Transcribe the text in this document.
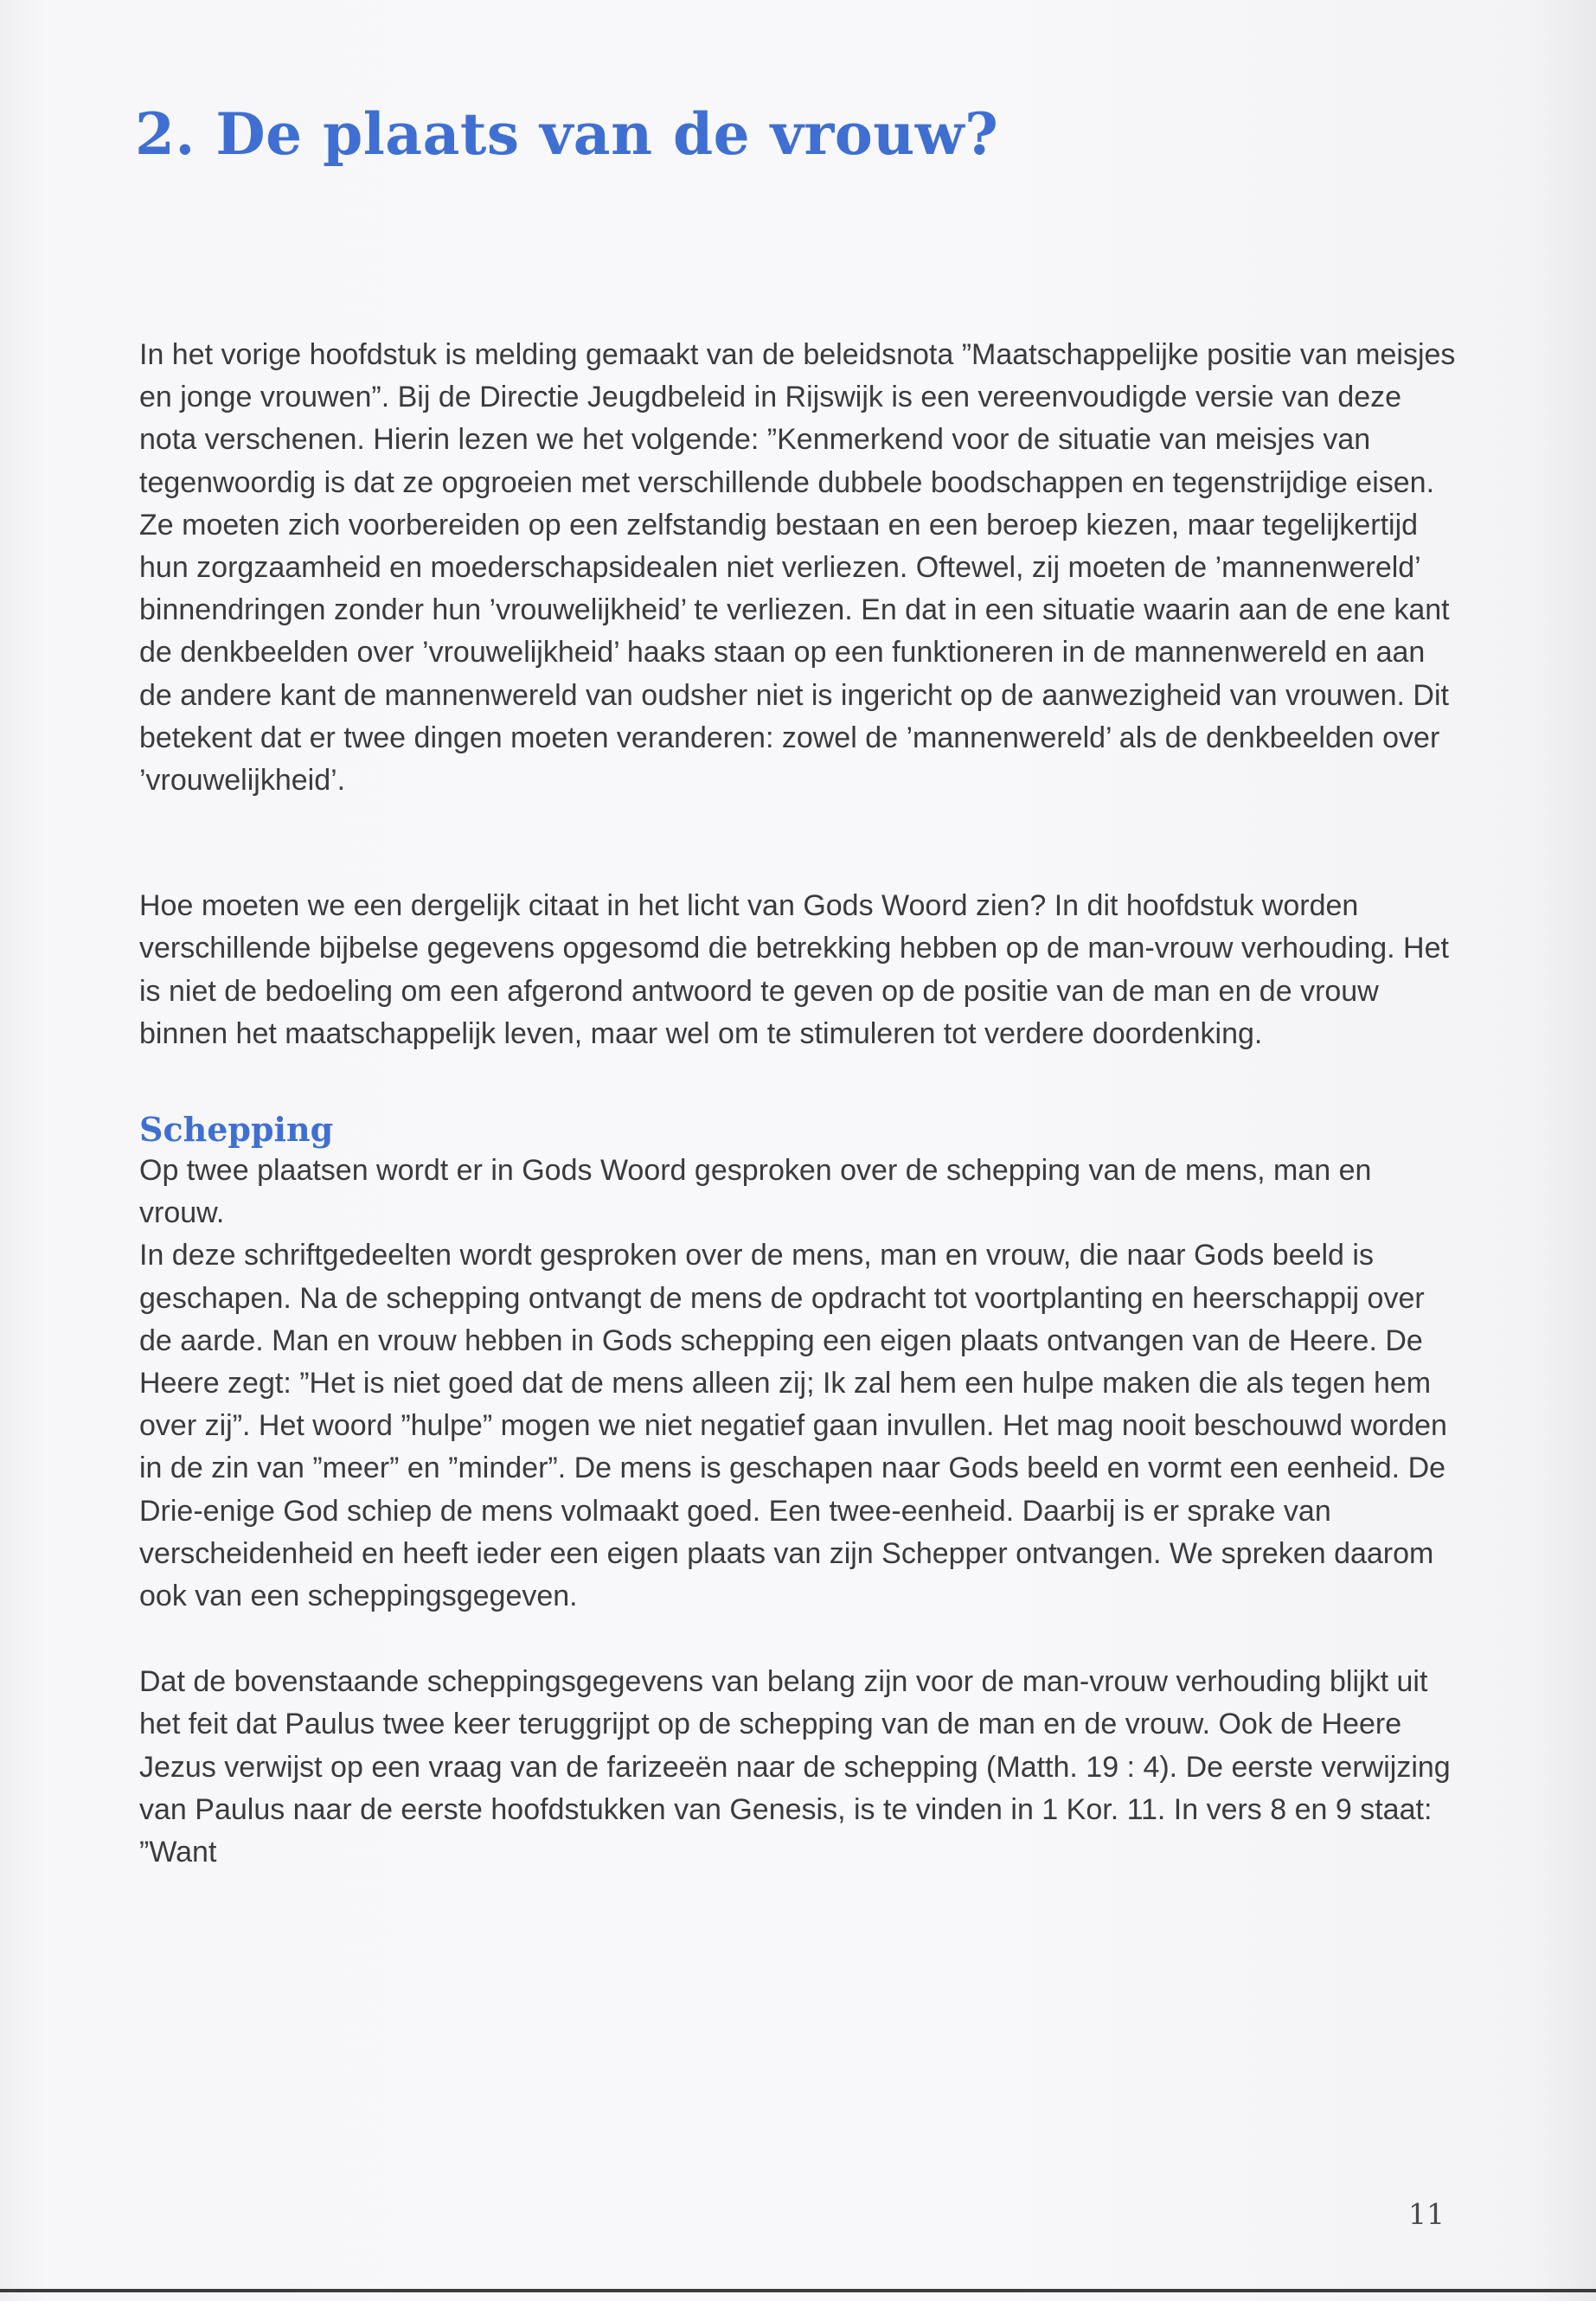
2. De plaats van de vrouw?

In het vorige hoofdstuk is melding gemaakt van de beleidsnota ”Maatschappelijke positie van meisjes en jonge vrouwen”. Bij de Directie Jeugdbeleid in Rijswijk is een vereenvoudigde versie van deze nota verschenen. Hierin lezen we het volgende: ”Kenmerkend voor de situatie van meisjes van tegenwoordig is dat ze opgroeien met verschillende dubbele boodschappen en tegenstrijdige eisen. Ze moeten zich voorbereiden op een zelfstandig bestaan en een beroep kiezen, maar tegelijkertijd hun zorgzaamheid en moederschapsidealen niet verliezen. Oftewel, zij moeten de ’mannenwereld’ binnendringen zonder hun ’vrouwelijkheid’ te verliezen. En dat in een situatie waarin aan de ene kant de denkbeelden over ’vrouwelijkheid’ haaks staan op een funktioneren in de mannenwereld en aan de andere kant de mannenwereld van oudsher niet is ingericht op de aanwezigheid van vrouwen. Dit betekent dat er twee dingen moeten veranderen: zowel de ’mannenwereld’ als de denkbeelden over ’vrouwelijkheid’.

Hoe moeten we een dergelijk citaat in het licht van Gods Woord zien? In dit hoofdstuk worden verschillende bijbelse gegevens opgesomd die betrekking hebben op de man-vrouw verhouding. Het is niet de bedoeling om een afgerond antwoord te geven op de positie van de man en de vrouw binnen het maatschappelijk leven, maar wel om te stimuleren tot verdere doordenking.

Schepping

Op twee plaatsen wordt er in Gods Woord gesproken over de schepping van de mens, man en vrouw.

In deze schriftgedeelten wordt gesproken over de mens, man en vrouw, die naar Gods beeld is geschapen. Na de schepping ontvangt de mens de opdracht tot voortplanting en heerschappij over de aarde. Man en vrouw hebben in Gods schepping een eigen plaats ontvangen van de Heere. De Heere zegt: ”Het is niet goed dat de mens alleen zij; Ik zal hem een hulpe maken die als tegen hem over zij”. Het woord ”hulpe” mogen we niet negatief gaan invullen. Het mag nooit beschouwd worden in de zin van ”meer” en ”minder”. De mens is geschapen naar Gods beeld en vormt een eenheid. De Drie-enige God schiep de mens volmaakt goed. Een twee-eenheid. Daarbij is er sprake van verscheidenheid en heeft ieder een eigen plaats van zijn Schepper ontvangen. We spreken daarom ook van een scheppingsgegeven.

Dat de bovenstaande scheppingsgegevens van belang zijn voor de man-vrouw verhouding blijkt uit het feit dat Paulus twee keer teruggrijpt op de schepping van de man en de vrouw. Ook de Heere Jezus verwijst op een vraag van de farizeeën naar de schepping (Matth. 19 : 4). De eerste verwijzing van Paulus naar de eerste hoofdstukken van Genesis, is te vinden in 1 Kor. 11. In vers 8 en 9 staat: ”Want

11
